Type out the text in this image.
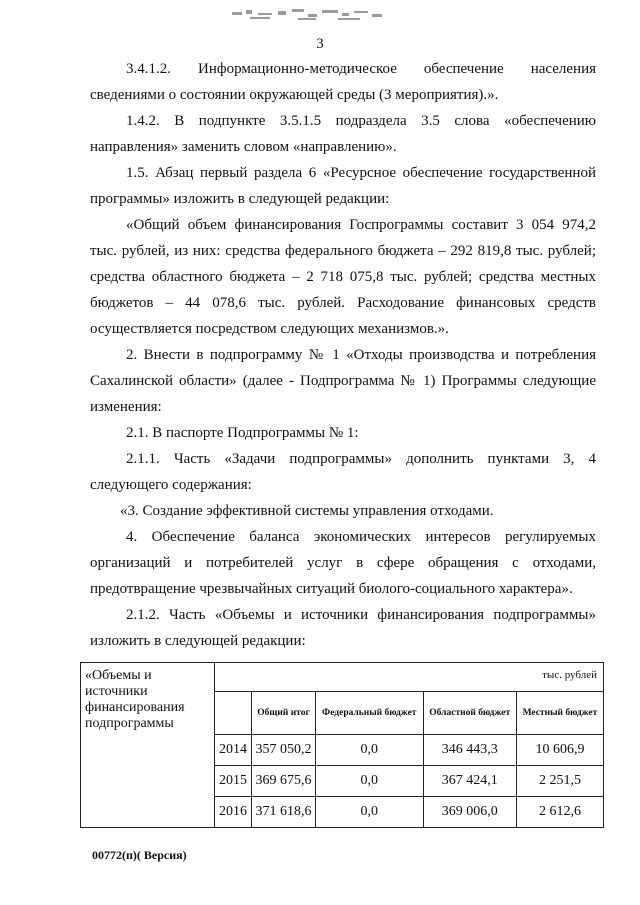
3

3.4.1.2. Информационно-методическое обеспечение населения сведениями о состоянии окружающей среды (3 мероприятия).».

1.4.2. В подпункте 3.5.1.5 подраздела 3.5 слова «обеспечению направления» заменить словом «направлению».

1.5. Абзац первый раздела 6 «Ресурсное обеспечение государственной программы» изложить в следующей редакции:

«Общий объем финансирования Госпрограммы составит 3 054 974,2 тыс. рублей, из них: средства федерального бюджета – 292 819,8 тыс. рублей; средства областного бюджета – 2 718 075,8 тыс. рублей; средства местных бюджетов – 44 078,6 тыс. рублей. Расходование финансовых средств осуществляется посредством следующих механизмов.».

2. Внести в подпрограмму № 1 «Отходы производства и потребления Сахалинской области» (далее - Подпрограмма № 1) Программы следующие изменения:

2.1. В паспорте Подпрограммы № 1:

2.1.1. Часть «Задачи подпрограммы» дополнить пунктами 3, 4 следующего содержания:

«3. Создание эффективной системы управления отходами.

4. Обеспечение баланса экономических интересов регулируемых организаций и потребителей услуг в сфере обращения с отходами, предотвращение чрезвычайных ситуаций биолого-социального характера».

2.1.2. Часть «Объемы и источники финансирования подпрограммы» изложить в следующей редакции:

«Объемы и источники финансирования подпрограммы	тыс. рублей				
		Общий итог	Федеральный бюджет	Областной бюджет	Местный бюджет
	2014	357 050,2	0,0	346 443,3	10 606,9
	2015	369 675,6	0,0	367 424,1	2 251,5
	2016	371 618,6	0,0	369 006,0	2 612,6
00772(п)( Версия)
